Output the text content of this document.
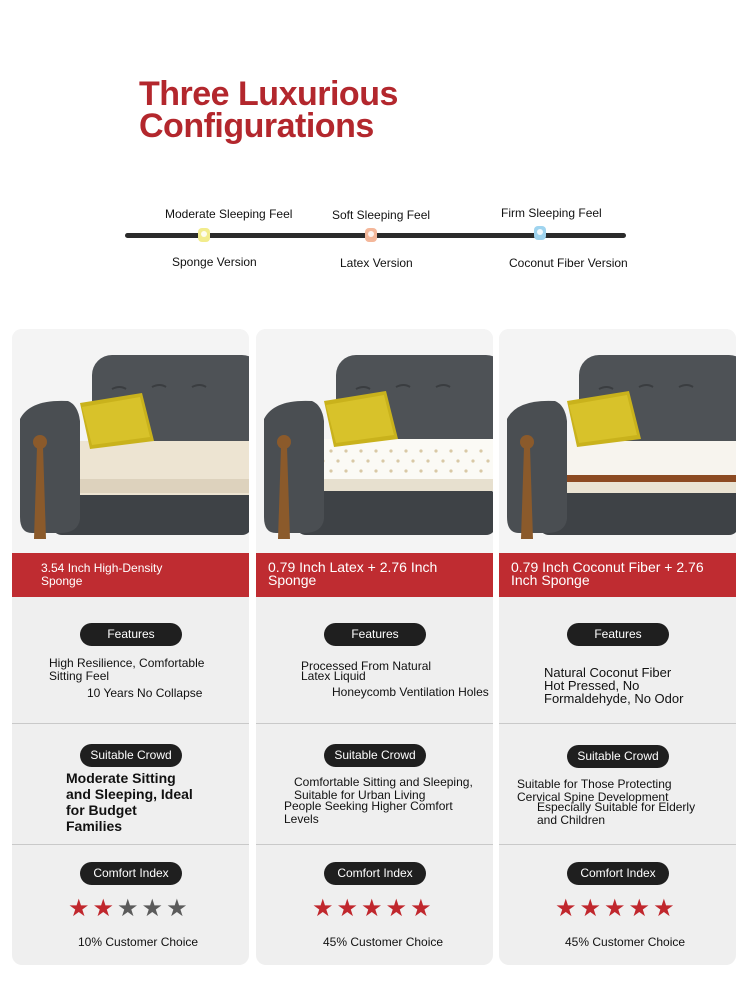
Three Luxurious
Configurations
Moderate Sleeping Feel	Soft Sleeping Feel	Firm Sleeping Feel
Sponge Version	Latex Version	Coconut Fiber Version
3.54 Inch High-Density
Sponge
Features
High Resilience, Comfortable
Sitting Feel
10 Years No Collapse
Suitable Crowd
Moderate Sitting
and Sleeping, Ideal
for Budget
Families
Comfort Index
★ ★ ★ ★ ★
10% Customer Choice
0.79 Inch Latex + 2.76 Inch
Sponge
Features
Processed From Natural
Latex Liquid
Honeycomb Ventilation Holes
Suitable Crowd
Comfortable Sitting and Sleeping,
Suitable for Urban Living
People Seeking Higher Comfort
Levels
Comfort Index
★ ★ ★ ★ ★
45% Customer Choice
0.79 Inch Coconut Fiber + 2.76
Inch Sponge
Features
Natural Coconut Fiber
Hot Pressed, No
Formaldehyde, No Odor
Suitable Crowd
Suitable for Those Protecting
Cervical Spine Development
Especially Suitable for Elderly
and Children
Comfort Index
★ ★ ★ ★ ★
45% Customer Choice
